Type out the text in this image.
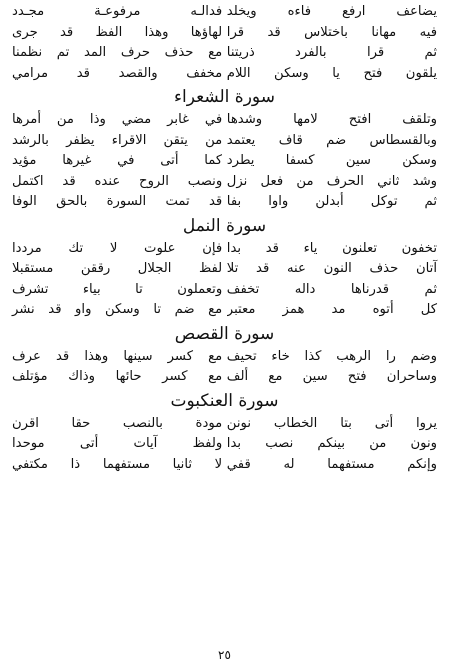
يضاعف ارفع فاءه ويخلد
فدالـه مرفوعـة مجـدد
فيه مهانا باختلاس قد قرا
لهاؤها وهذا الفظ قد جرى
ثم قرا بالفرد ذريتنا
مع حذف حرف المد تم نظمنا
يلقون فتح يا وسكن اللام
مخفف والقصد قد مرامي
سورة الشعراء
وتلقف افتح لامها وشدها
في غابر مضي وذا من أمرها
وبالقسطاس ضم قاف يعتمد
من يتقن الاقراء يظفر بالرشد
وسكن سين كسفا يطرد
كما أتى في غيرها مؤيد
وشد ثاني الحرف من فعل نزل
ونصب الروح عنده قد اكتمل
ثم توكل أبدلن واوا بفا
قد تمت السورة بالحق الوفا
سورة النمل
تخفون تعلنون ياء قد بدا
فإن علوت لا تك مرددا
آتان حذف النون عنه قد تلا
لفظ الجلال رققن مستقبلا
ثم قدرناها داله تخفف
وتعملون تا بياء تشرف
كل أتوه مد همز معتبر
مع ضم تا وسكن واو قد نشر
سورة القصص
وضم را الرهب كذا خاء تحيف
مع كسر سينها وهذا قد عرف
وساحران فتح سين مع ألف
مع كسر حائها وذاك مؤتلف
سورة العنكبوت
يروا أتى بتا الخطاب نونن
مودة بالنصب حقا اقرن
ونون من بينكم نصب بدا
ولفظ آيات أتى موحدا
وإنكم مستفهما له قفي
لا ثانيا مستفهما ذا مكتفي
٢٥
